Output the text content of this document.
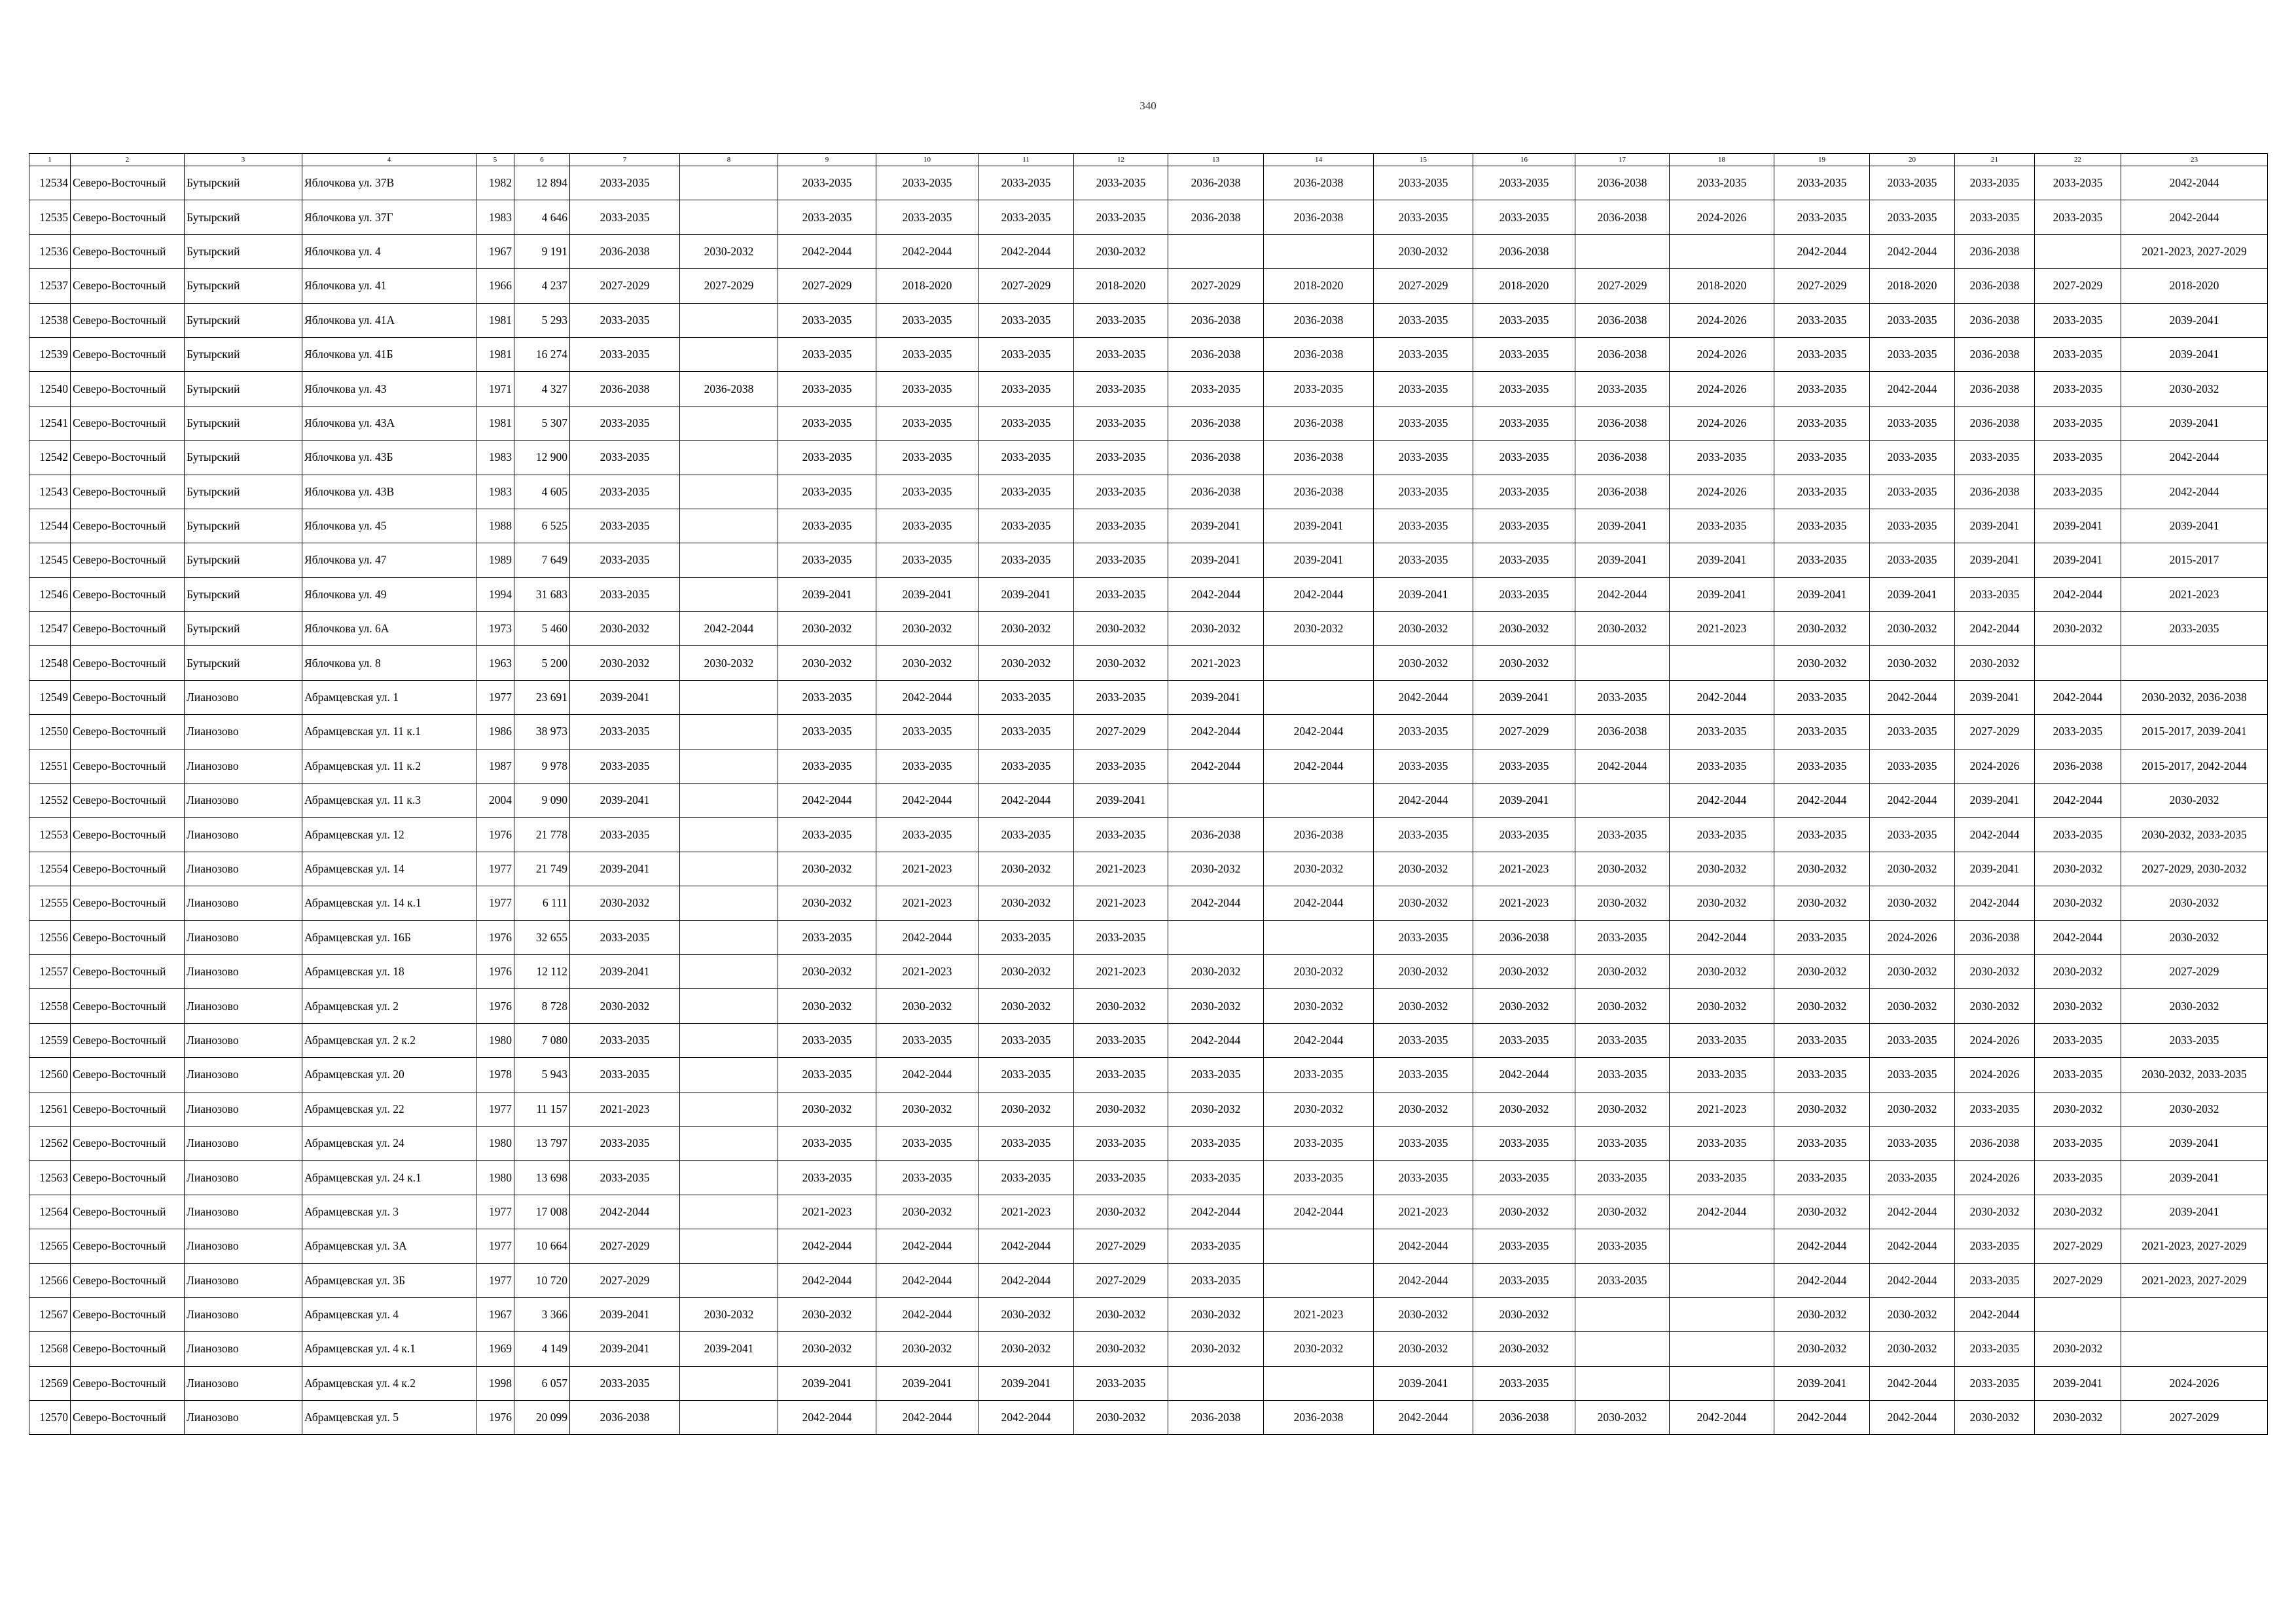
340
1	2	3	4	5	6	7	8	9	10	11	12	13	14	15	16	17	18	19	20	21	22	23
12534	Северо-Восточный	Бутырский	Яблочкова ул. 37В	1982	12 894	2033-2035		2033-2035	2033-2035	2033-2035	2033-2035	2036-2038	2036-2038	2033-2035	2033-2035	2036-2038	2033-2035	2033-2035	2033-2035	2033-2035	2033-2035	2042-2044
12535	Северо-Восточный	Бутырский	Яблочкова ул. 37Г	1983	4 646	2033-2035		2033-2035	2033-2035	2033-2035	2033-2035	2036-2038	2036-2038	2033-2035	2033-2035	2036-2038	2024-2026	2033-2035	2033-2035	2033-2035	2033-2035	2042-2044
12536	Северо-Восточный	Бутырский	Яблочкова ул. 4	1967	9 191	2036-2038	2030-2032	2042-2044	2042-2044	2042-2044	2030-2032			2030-2032	2036-2038			2042-2044	2042-2044	2036-2038		2021-2023, 2027-2029
12537	Северо-Восточный	Бутырский	Яблочкова ул. 41	1966	4 237	2027-2029	2027-2029	2027-2029	2018-2020	2027-2029	2018-2020	2027-2029	2018-2020	2027-2029	2018-2020	2027-2029	2018-2020	2027-2029	2018-2020	2036-2038	2027-2029	2018-2020
12538	Северо-Восточный	Бутырский	Яблочкова ул. 41А	1981	5 293	2033-2035		2033-2035	2033-2035	2033-2035	2033-2035	2036-2038	2036-2038	2033-2035	2033-2035	2036-2038	2024-2026	2033-2035	2033-2035	2036-2038	2033-2035	2039-2041
12539	Северо-Восточный	Бутырский	Яблочкова ул. 41Б	1981	16 274	2033-2035		2033-2035	2033-2035	2033-2035	2033-2035	2036-2038	2036-2038	2033-2035	2033-2035	2036-2038	2024-2026	2033-2035	2033-2035	2036-2038	2033-2035	2039-2041
12540	Северо-Восточный	Бутырский	Яблочкова ул. 43	1971	4 327	2036-2038	2036-2038	2033-2035	2033-2035	2033-2035	2033-2035	2033-2035	2033-2035	2033-2035	2033-2035	2033-2035	2024-2026	2033-2035	2042-2044	2036-2038	2033-2035	2030-2032
12541	Северо-Восточный	Бутырский	Яблочкова ул. 43А	1981	5 307	2033-2035		2033-2035	2033-2035	2033-2035	2033-2035	2036-2038	2036-2038	2033-2035	2033-2035	2036-2038	2024-2026	2033-2035	2033-2035	2036-2038	2033-2035	2039-2041
12542	Северо-Восточный	Бутырский	Яблочкова ул. 43Б	1983	12 900	2033-2035		2033-2035	2033-2035	2033-2035	2033-2035	2036-2038	2036-2038	2033-2035	2033-2035	2036-2038	2033-2035	2033-2035	2033-2035	2033-2035	2033-2035	2042-2044
12543	Северо-Восточный	Бутырский	Яблочкова ул. 43В	1983	4 605	2033-2035		2033-2035	2033-2035	2033-2035	2033-2035	2036-2038	2036-2038	2033-2035	2033-2035	2036-2038	2024-2026	2033-2035	2033-2035	2036-2038	2033-2035	2042-2044
12544	Северо-Восточный	Бутырский	Яблочкова ул. 45	1988	6 525	2033-2035		2033-2035	2033-2035	2033-2035	2033-2035	2039-2041	2039-2041	2033-2035	2033-2035	2039-2041	2033-2035	2033-2035	2033-2035	2039-2041	2039-2041	2039-2041
12545	Северо-Восточный	Бутырский	Яблочкова ул. 47	1989	7 649	2033-2035		2033-2035	2033-2035	2033-2035	2033-2035	2039-2041	2039-2041	2033-2035	2033-2035	2039-2041	2039-2041	2033-2035	2033-2035	2039-2041	2039-2041	2015-2017
12546	Северо-Восточный	Бутырский	Яблочкова ул. 49	1994	31 683	2033-2035		2039-2041	2039-2041	2039-2041	2033-2035	2042-2044	2042-2044	2039-2041	2033-2035	2042-2044	2039-2041	2039-2041	2039-2041	2033-2035	2042-2044	2021-2023
12547	Северо-Восточный	Бутырский	Яблочкова ул. 6А	1973	5 460	2030-2032	2042-2044	2030-2032	2030-2032	2030-2032	2030-2032	2030-2032	2030-2032	2030-2032	2030-2032	2030-2032	2021-2023	2030-2032	2030-2032	2042-2044	2030-2032	2033-2035
12548	Северо-Восточный	Бутырский	Яблочкова ул. 8	1963	5 200	2030-2032	2030-2032	2030-2032	2030-2032	2030-2032	2030-2032	2021-2023		2030-2032	2030-2032			2030-2032	2030-2032	2030-2032		
12549	Северо-Восточный	Лианозово	Абрамцевская ул. 1	1977	23 691	2039-2041		2033-2035	2042-2044	2033-2035	2033-2035	2039-2041		2042-2044	2039-2041	2033-2035	2042-2044	2033-2035	2042-2044	2039-2041	2042-2044	2030-2032, 2036-2038
12550	Северо-Восточный	Лианозово	Абрамцевская ул. 11 к.1	1986	38 973	2033-2035		2033-2035	2033-2035	2033-2035	2027-2029	2042-2044	2042-2044	2033-2035	2027-2029	2036-2038	2033-2035	2033-2035	2033-2035	2027-2029	2033-2035	2015-2017, 2039-2041
12551	Северо-Восточный	Лианозово	Абрамцевская ул. 11 к.2	1987	9 978	2033-2035		2033-2035	2033-2035	2033-2035	2033-2035	2042-2044	2042-2044	2033-2035	2033-2035	2042-2044	2033-2035	2033-2035	2033-2035	2024-2026	2036-2038	2015-2017, 2042-2044
12552	Северо-Восточный	Лианозово	Абрамцевская ул. 11 к.3	2004	9 090	2039-2041		2042-2044	2042-2044	2042-2044	2039-2041			2042-2044	2039-2041		2042-2044	2042-2044	2042-2044	2039-2041	2042-2044	2030-2032
12553	Северо-Восточный	Лианозово	Абрамцевская ул. 12	1976	21 778	2033-2035		2033-2035	2033-2035	2033-2035	2033-2035	2036-2038	2036-2038	2033-2035	2033-2035	2033-2035	2033-2035	2033-2035	2033-2035	2042-2044	2033-2035	2030-2032, 2033-2035
12554	Северо-Восточный	Лианозово	Абрамцевская ул. 14	1977	21 749	2039-2041		2030-2032	2021-2023	2030-2032	2021-2023	2030-2032	2030-2032	2030-2032	2021-2023	2030-2032	2030-2032	2030-2032	2030-2032	2039-2041	2030-2032	2027-2029, 2030-2032
12555	Северо-Восточный	Лианозово	Абрамцевская ул. 14 к.1	1977	6 111	2030-2032		2030-2032	2021-2023	2030-2032	2021-2023	2042-2044	2042-2044	2030-2032	2021-2023	2030-2032	2030-2032	2030-2032	2030-2032	2042-2044	2030-2032	2030-2032
12556	Северо-Восточный	Лианозово	Абрамцевская ул. 16Б	1976	32 655	2033-2035		2033-2035	2042-2044	2033-2035	2033-2035			2033-2035	2036-2038	2033-2035	2042-2044	2033-2035	2024-2026	2036-2038	2042-2044	2030-2032
12557	Северо-Восточный	Лианозово	Абрамцевская ул. 18	1976	12 112	2039-2041		2030-2032	2021-2023	2030-2032	2021-2023	2030-2032	2030-2032	2030-2032	2030-2032	2030-2032	2030-2032	2030-2032	2030-2032	2030-2032	2030-2032	2027-2029
12558	Северо-Восточный	Лианозово	Абрамцевская ул. 2	1976	8 728	2030-2032		2030-2032	2030-2032	2030-2032	2030-2032	2030-2032	2030-2032	2030-2032	2030-2032	2030-2032	2030-2032	2030-2032	2030-2032	2030-2032	2030-2032	2030-2032
12559	Северо-Восточный	Лианозово	Абрамцевская ул. 2 к.2	1980	7 080	2033-2035		2033-2035	2033-2035	2033-2035	2033-2035	2042-2044	2042-2044	2033-2035	2033-2035	2033-2035	2033-2035	2033-2035	2033-2035	2024-2026	2033-2035	2033-2035
12560	Северо-Восточный	Лианозово	Абрамцевская ул. 20	1978	5 943	2033-2035		2033-2035	2042-2044	2033-2035	2033-2035	2033-2035	2033-2035	2033-2035	2042-2044	2033-2035	2033-2035	2033-2035	2033-2035	2024-2026	2033-2035	2030-2032, 2033-2035
12561	Северо-Восточный	Лианозово	Абрамцевская ул. 22	1977	11 157	2021-2023		2030-2032	2030-2032	2030-2032	2030-2032	2030-2032	2030-2032	2030-2032	2030-2032	2030-2032	2021-2023	2030-2032	2030-2032	2033-2035	2030-2032	2030-2032
12562	Северо-Восточный	Лианозово	Абрамцевская ул. 24	1980	13 797	2033-2035		2033-2035	2033-2035	2033-2035	2033-2035	2033-2035	2033-2035	2033-2035	2033-2035	2033-2035	2033-2035	2033-2035	2033-2035	2036-2038	2033-2035	2039-2041
12563	Северо-Восточный	Лианозово	Абрамцевская ул. 24 к.1	1980	13 698	2033-2035		2033-2035	2033-2035	2033-2035	2033-2035	2033-2035	2033-2035	2033-2035	2033-2035	2033-2035	2033-2035	2033-2035	2033-2035	2024-2026	2033-2035	2039-2041
12564	Северо-Восточный	Лианозово	Абрамцевская ул. 3	1977	17 008	2042-2044		2021-2023	2030-2032	2021-2023	2030-2032	2042-2044	2042-2044	2021-2023	2030-2032	2030-2032	2042-2044	2030-2032	2042-2044	2030-2032	2030-2032	2039-2041
12565	Северо-Восточный	Лианозово	Абрамцевская ул. 3А	1977	10 664	2027-2029		2042-2044	2042-2044	2042-2044	2027-2029	2033-2035		2042-2044	2033-2035	2033-2035		2042-2044	2042-2044	2033-2035	2027-2029	2021-2023, 2027-2029
12566	Северо-Восточный	Лианозово	Абрамцевская ул. 3Б	1977	10 720	2027-2029		2042-2044	2042-2044	2042-2044	2027-2029	2033-2035		2042-2044	2033-2035	2033-2035		2042-2044	2042-2044	2033-2035	2027-2029	2021-2023, 2027-2029
12567	Северо-Восточный	Лианозово	Абрамцевская ул. 4	1967	3 366	2039-2041	2030-2032	2030-2032	2042-2044	2030-2032	2030-2032	2030-2032	2021-2023	2030-2032	2030-2032			2030-2032	2030-2032	2042-2044		
12568	Северо-Восточный	Лианозово	Абрамцевская ул. 4 к.1	1969	4 149	2039-2041	2039-2041	2030-2032	2030-2032	2030-2032	2030-2032	2030-2032	2030-2032	2030-2032	2030-2032			2030-2032	2030-2032	2033-2035	2030-2032	
12569	Северо-Восточный	Лианозово	Абрамцевская ул. 4 к.2	1998	6 057	2033-2035		2039-2041	2039-2041	2039-2041	2033-2035			2039-2041	2033-2035			2039-2041	2042-2044	2033-2035	2039-2041	2024-2026
12570	Северо-Восточный	Лианозово	Абрамцевская ул. 5	1976	20 099	2036-2038		2042-2044	2042-2044	2042-2044	2030-2032	2036-2038	2036-2038	2042-2044	2036-2038	2030-2032	2042-2044	2042-2044	2042-2044	2030-2032	2030-2032	2027-2029
